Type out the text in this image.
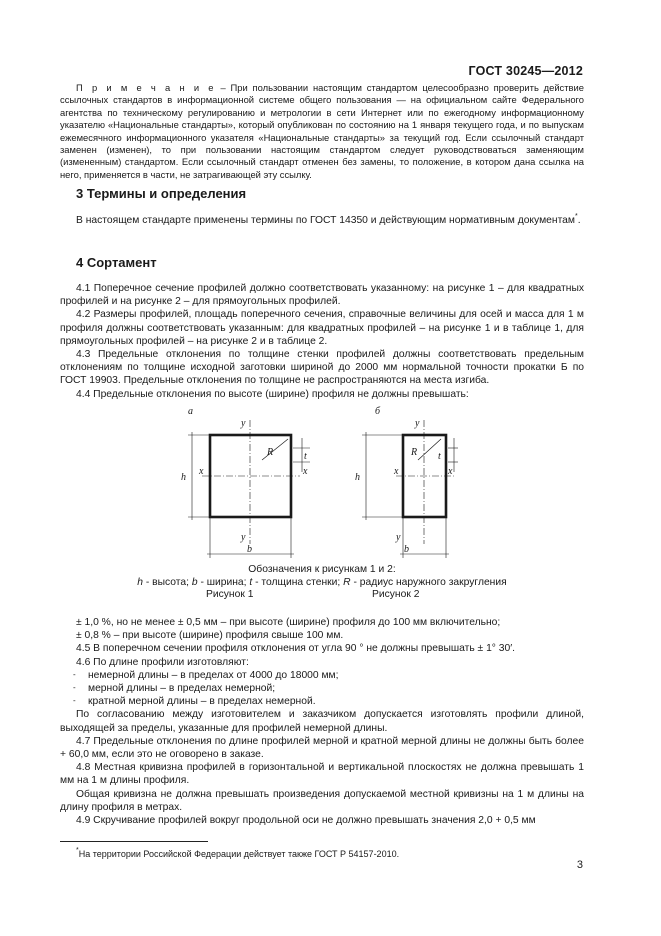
ГОСТ 30245—2012

П р и м е ч а н и е – При пользовании настоящим стандартом целесообразно проверить действие ссылочных стандартов в информационной системе общего пользования — на официальном сайте Федерального агентства по техническому регулированию и метрологии в сети Интернет или по ежегодному информационному указателю «Национальные стандарты», который опубликован по состоянию на 1 января текущего года, и по выпускам ежемесячного информационного указателя «Национальные стандарты» за текущий год. Если ссылочный стандарт заменен (изменен), то при пользовании настоящим стандартом следует руководствоваться заменяющим (измененным) стандартом. Если ссылочный стандарт отменен без замены, то положение, в котором дана ссылка на него, применяется в части, не затрагивающей эту ссылку.

3 Термины и определения

В настоящем стандарте применены термины по ГОСТ 14350 и действующим нормативным документам*.

4 Сортамент

4.1 Поперечное сечение профилей должно соответствовать указанному: на рисунке 1 – для квадратных профилей и на рисунке 2 – для прямоугольных профилей.

4.2 Размеры профилей, площадь поперечного сечения, справочные величины для осей и масса для 1 м профиля должны соответствовать указанным: для квадратных профилей – на рисунке 1 и в таблице 1, для прямоугольных профилей – на рисунке 2 и в таблице 2.

4.3 Предельные отклонения по толщине стенки профилей должны соответствовать предельным отклонениям по толщине исходной заготовки шириной до 2000 мм нормальной точности прокатки Б по ГОСТ 19903. Предельные отклонения по толщине не распространяются на места изгиба.

4.4 Предельные отклонения по высоте (ширине) профиля не должны превышать:

а
y
y
x	x
h
b
R	t
б
y
y
x	x
h
b
R t
Обозначения к рисункам 1 и 2:
h - высота; b - ширина; t - толщина стенки; R - радиус наружного закругления
Рисунок 1	Рисунок 2

± 1,0 %, но не менее ± 0,5 мм – при высоте (ширине) профиля до 100 мм включительно;

± 0,8 % – при высоте (ширине) профиля свыше 100 мм.

4.5 В поперечном сечении профиля отклонения от угла 90 ° не должны превышать ± 1° 30′.

4.6 По длине профили изготовляют:

- немерной длины – в пределах от 4000 до 18000 мм;

- мерной длины – в пределах немерной;

- кратной мерной длины – в пределах немерной.

По согласованию между изготовителем и заказчиком допускается изготовлять профили длиной, выходящей за пределы, указанные для профилей немерной длины.

4.7 Предельные отклонения по длине профилей мерной и кратной мерной длины не должны быть более + 60,0 мм, если это не оговорено в заказе.

4.8 Местная кривизна профилей в горизонтальной и вертикальной плоскостях не должна превышать 1 мм на 1 м длины профиля.

Общая кривизна не должна превышать произведения допускаемой местной кривизны на 1 м длины на длину профиля в метрах.

4.9 Скручивание профилей вокруг продольной оси не должно превышать значения 2,0 + 0,5 мм

*На территории Российской Федерации действует также ГОСТ Р 54157-2010.
3
